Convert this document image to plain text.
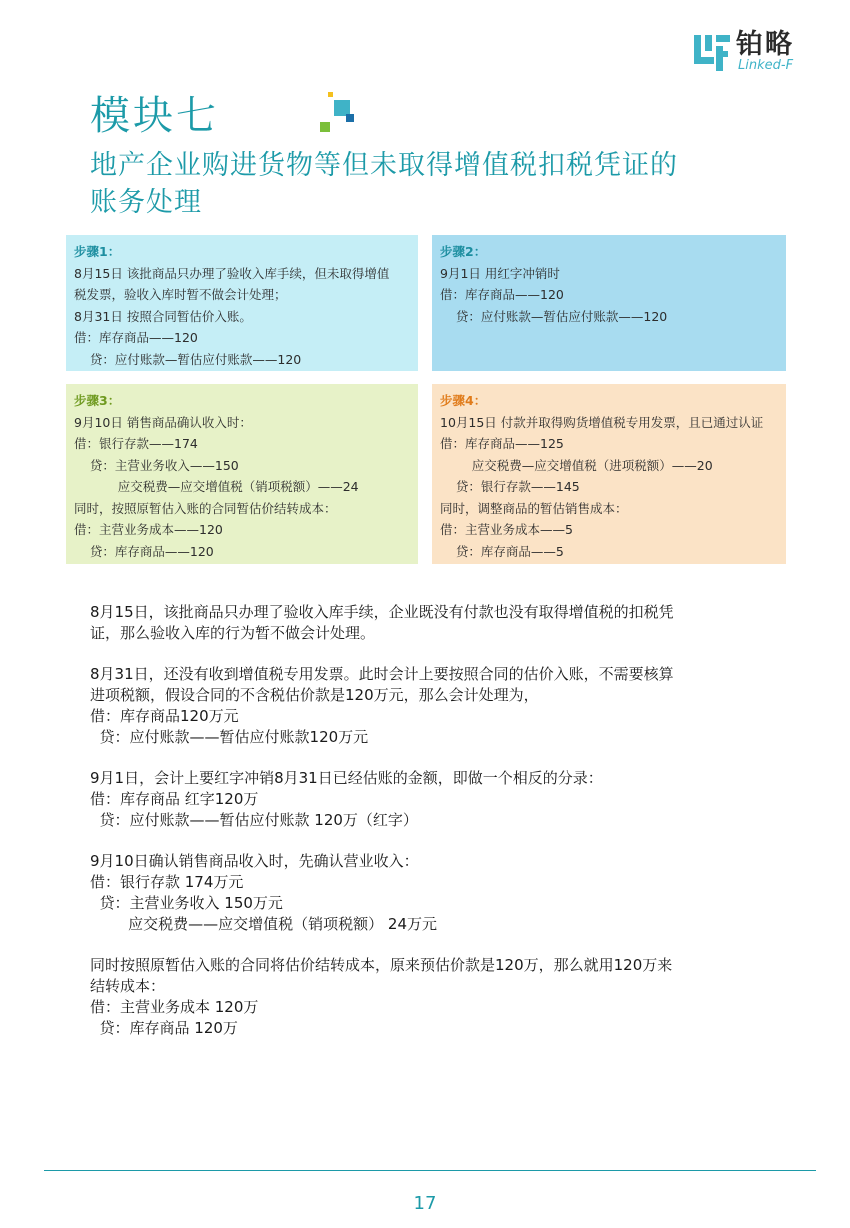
铂略
Linked-F
模块七
地产企业购进货物等但未取得增值税扣税凭证的
账务处理
步骤1：
8月15日 该批商品只办理了验收入库手续，但未取得增值
税发票，验收入库时暂不做会计处理；
8月31日 按照合同暂估价入账。
借：库存商品——120
贷：应付账款—暂估应付账款——120
步骤2：
9月1日 用红字冲销时
借：库存商品——120
贷：应付账款—暂估应付账款——120
步骤3：
9月10日 销售商品确认收入时：
借：银行存款——174
贷：主营业务收入——150
应交税费—应交增值税（销项税额）——24
同时，按照原暂估入账的合同暂估价结转成本：
借：主营业务成本——120
贷：库存商品——120
步骤4：
10月15日 付款并取得购货增值税专用发票，且已通过认证
借：库存商品——125
应交税费—应交增值税（进项税额）——20
贷：银行存款——145
同时，调整商品的暂估销售成本：
借：主营业务成本——5
贷：库存商品——5
8月15日，该批商品只办理了验收入库手续，企业既没有付款也没有取得增值税的扣税凭
证，那么验收入库的行为暂不做会计处理。
8月31日，还没有收到增值税专用发票。此时会计上要按照合同的估价入账，不需要核算
进项税额，假设合同的不含税估价款是120万元，那么会计处理为，
借：库存商品120万元
贷：应付账款——暂估应付账款120万元
9月1日，会计上要红字冲销8月31日已经估账的金额，即做一个相反的分录：
借：库存商品 红字120万
贷：应付账款——暂估应付账款 120万（红字）
9月10日确认销售商品收入时，先确认营业收入：
借：银行存款 174万元
贷：主营业务收入 150万元
应交税费——应交增值税（销项税额） 24万元
同时按照原暂估入账的合同将估价结转成本，原来预估价款是120万，那么就用120万来
结转成本：
借：主营业务成本 120万
贷：库存商品 120万
17
